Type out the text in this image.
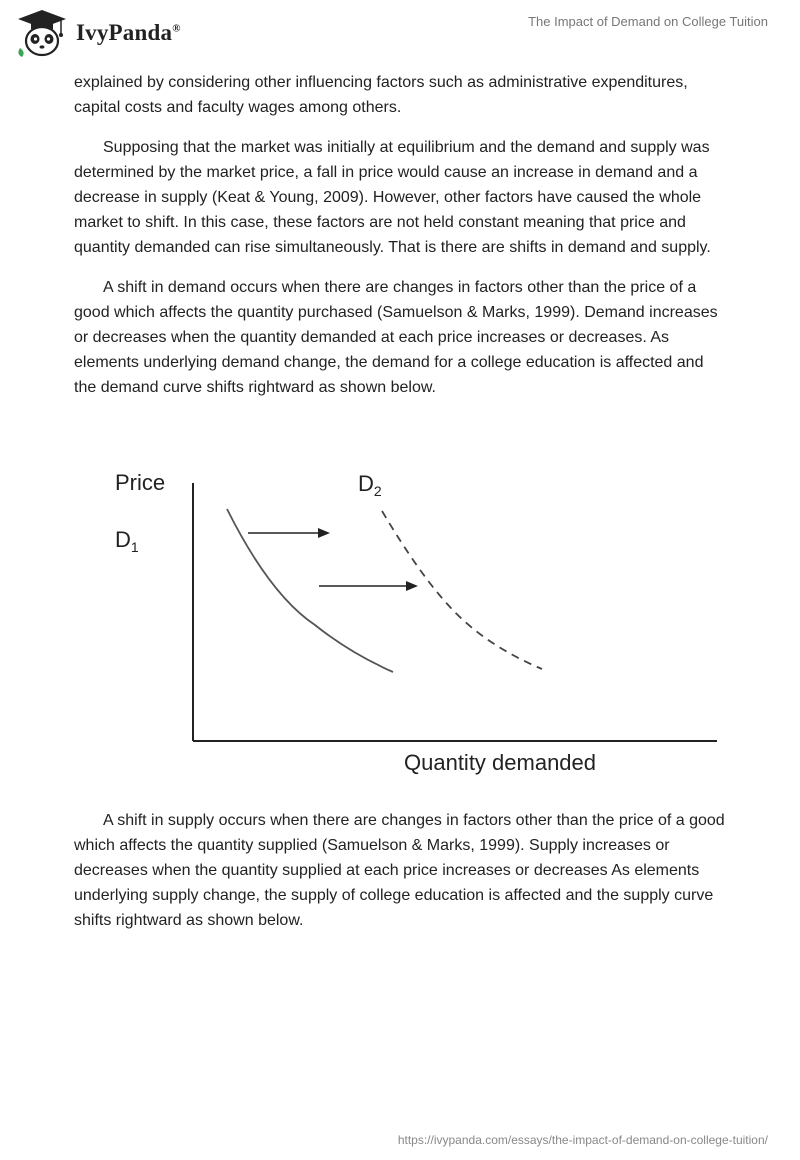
IvyPanda®	The Impact of Demand on College Tuition

explained by considering other influencing factors such as administrative expenditures, capital costs and faculty wages among others.

Supposing that the market was initially at equilibrium and the demand and supply was determined by the market price, a fall in price would cause an increase in demand and a decrease in supply (Keat & Young, 2009). However, other factors have caused the whole market to shift. In this case, these factors are not held constant meaning that price and quantity demanded can rise simultaneously. That is there are shifts in demand and supply.

A shift in demand occurs when there are changes in factors other than the price of a good which affects the quantity purchased (Samuelson & Marks, 1999). Demand increases or decreases when the quantity demanded at each price increases or decreases. As elements underlying demand change, the demand for a college education is affected and the demand curve shifts rightward as shown below.

Price
$D_1$
$D_2$
Quantity demanded

A shift in supply occurs when there are changes in factors other than the price of a good which affects the quantity supplied (Samuelson & Marks, 1999). Supply increases or decreases when the quantity supplied at each price increases or decreases As elements underlying supply change, the supply of college education is affected and the supply curve shifts rightward as shown below.

https://ivypanda.com/essays/the-impact-of-demand-on-college-tuition/
